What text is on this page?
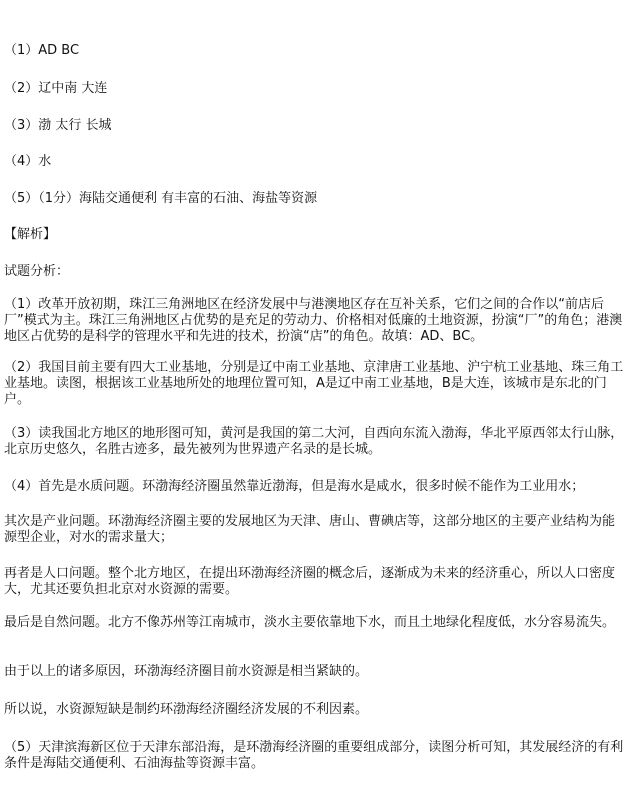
（1）AD BC
（2）辽中南 大连
（3）渤 太行 长城
（4）水
（5）（1分）海陆交通便利 有丰富的石油、海盐等资源
【解析】
试题分析：
（1）改革开放初期，珠江三角洲地区在经济发展中与港澳地区存在互补关系，它们之间的合作以“前店后厂”模式为主。珠江三角洲地区占优势的是充足的劳动力、价格相对低廉的土地资源，扮演“厂”的角色；港澳地区占优势的是科学的管理水平和先进的技术，扮演“店”的角色。故填：AD、BC。
（2）我国目前主要有四大工业基地，分别是辽中南工业基地、京津唐工业基地、沪宁杭工业基地、珠三角工业基地。读图，根据该工业基地所处的地理位置可知，A是辽中南工业基地，B是大连，该城市是东北的门户。
（3）读我国北方地区的地形图可知，黄河是我国的第二大河，自西向东流入渤海，华北平原西邻太行山脉，北京历史悠久，名胜古迹多，最先被列为世界遗产名录的是长城。
（4）首先是水质问题。环渤海经济圈虽然靠近渤海，但是海水是咸水，很多时候不能作为工业用水；
其次是产业问题。环渤海经济圈主要的发展地区为天津、唐山、曹碘店等，这部分地区的主要产业结构为能源型企业，对水的需求量大；
再者是人口问题。整个北方地区，在提出环渤海经济圈的概念后，逐渐成为未来的经济重心，所以人口密度大，尤其还要负担北京对水资源的需要。
最后是自然问题。北方不像苏州等江南城市，淡水主要依靠地下水，而且土地绿化程度低，水分容易流失。
由于以上的诸多原因，环渤海经济圈目前水资源是相当紧缺的。
所以说，水资源短缺是制约环渤海经济圈经济发展的不利因素。
（5）天津滨海新区位于天津东部沿海，是环渤海经济圈的重要组成部分，读图分析可知，其发展经济的有利条件是海陆交通便利、石油海盐等资源丰富。
